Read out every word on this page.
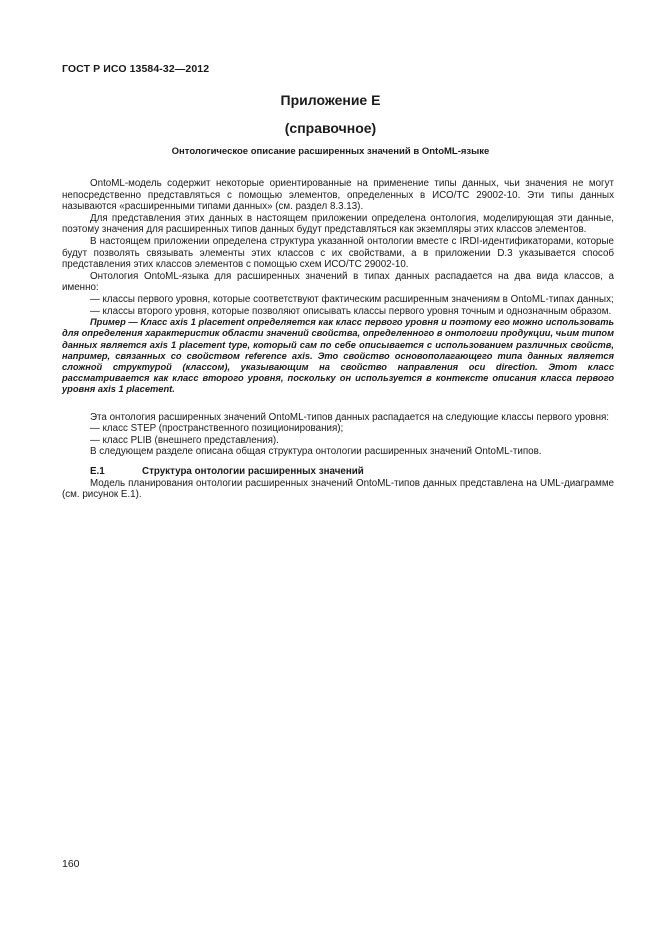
ГОСТ Р ИСО 13584-32—2012
Приложение Е
(справочное)
Онтологическое описание расширенных значений в OntoML-языке

OntoML-модель содержит некоторые ориентированные на применение типы данных, чьи значения не могут непосредственно представляться с помощью элементов, определенных в ИСО/ТС 29002-10. Эти типы данных называются «расширенными типами данных» (см. раздел 8.3.13).

Для представления этих данных в настоящем приложении определена онтология, моделирующая эти данные, поэтому значения для расширенных типов данных будут представляться как экземпляры этих классов элементов.

В настоящем приложении определена структура указанной онтологии вместе с IRDI-идентификаторами, которые будут позволять связывать элементы этих классов с их свойствами, а в приложении D.3 указывается способ представления этих классов элементов с помощью схем ИСО/ТС 29002-10.

Онтология OntoML-языка для расширенных значений в типах данных распадается на два вида классов, а именно:

— классы первого уровня, которые соответствуют фактическим расширенным значениям в OntoML-типах данных;

— классы второго уровня, которые позволяют описывать классы первого уровня точным и однозначным образом.

Пример — Класс axis 1 placement определяется как класс первого уровня и поэтому его можно использовать для определения характеристик области значений свойства, определенного в онтологии продукции, чьим типом данных является axis 1 placement type, который сам по себе описывается с использованием различных свойств, например, связанных со свойством reference axis. Это свойство основополагающего типа данных является сложной структурой (классом), указывающим на свойство направления оси direction. Этот класс рассматривается как класс второго уровня, поскольку он используется в контексте описания класса первого уровня axis 1 placement.

Эта онтология расширенных значений OntoML-типов данных распадается на следующие классы первого уровня:

— класс STEP (пространственного позиционирования);

— класс PLIB (внешнего представления).

В следующем разделе описана общая структура онтологии расширенных значений OntoML-типов.

Е.1	Структура онтологии расширенных значений

Модель планирования онтологии расширенных значений OntoML-типов данных представлена на UML-диаграмме (см. рисунок Е.1).

160
